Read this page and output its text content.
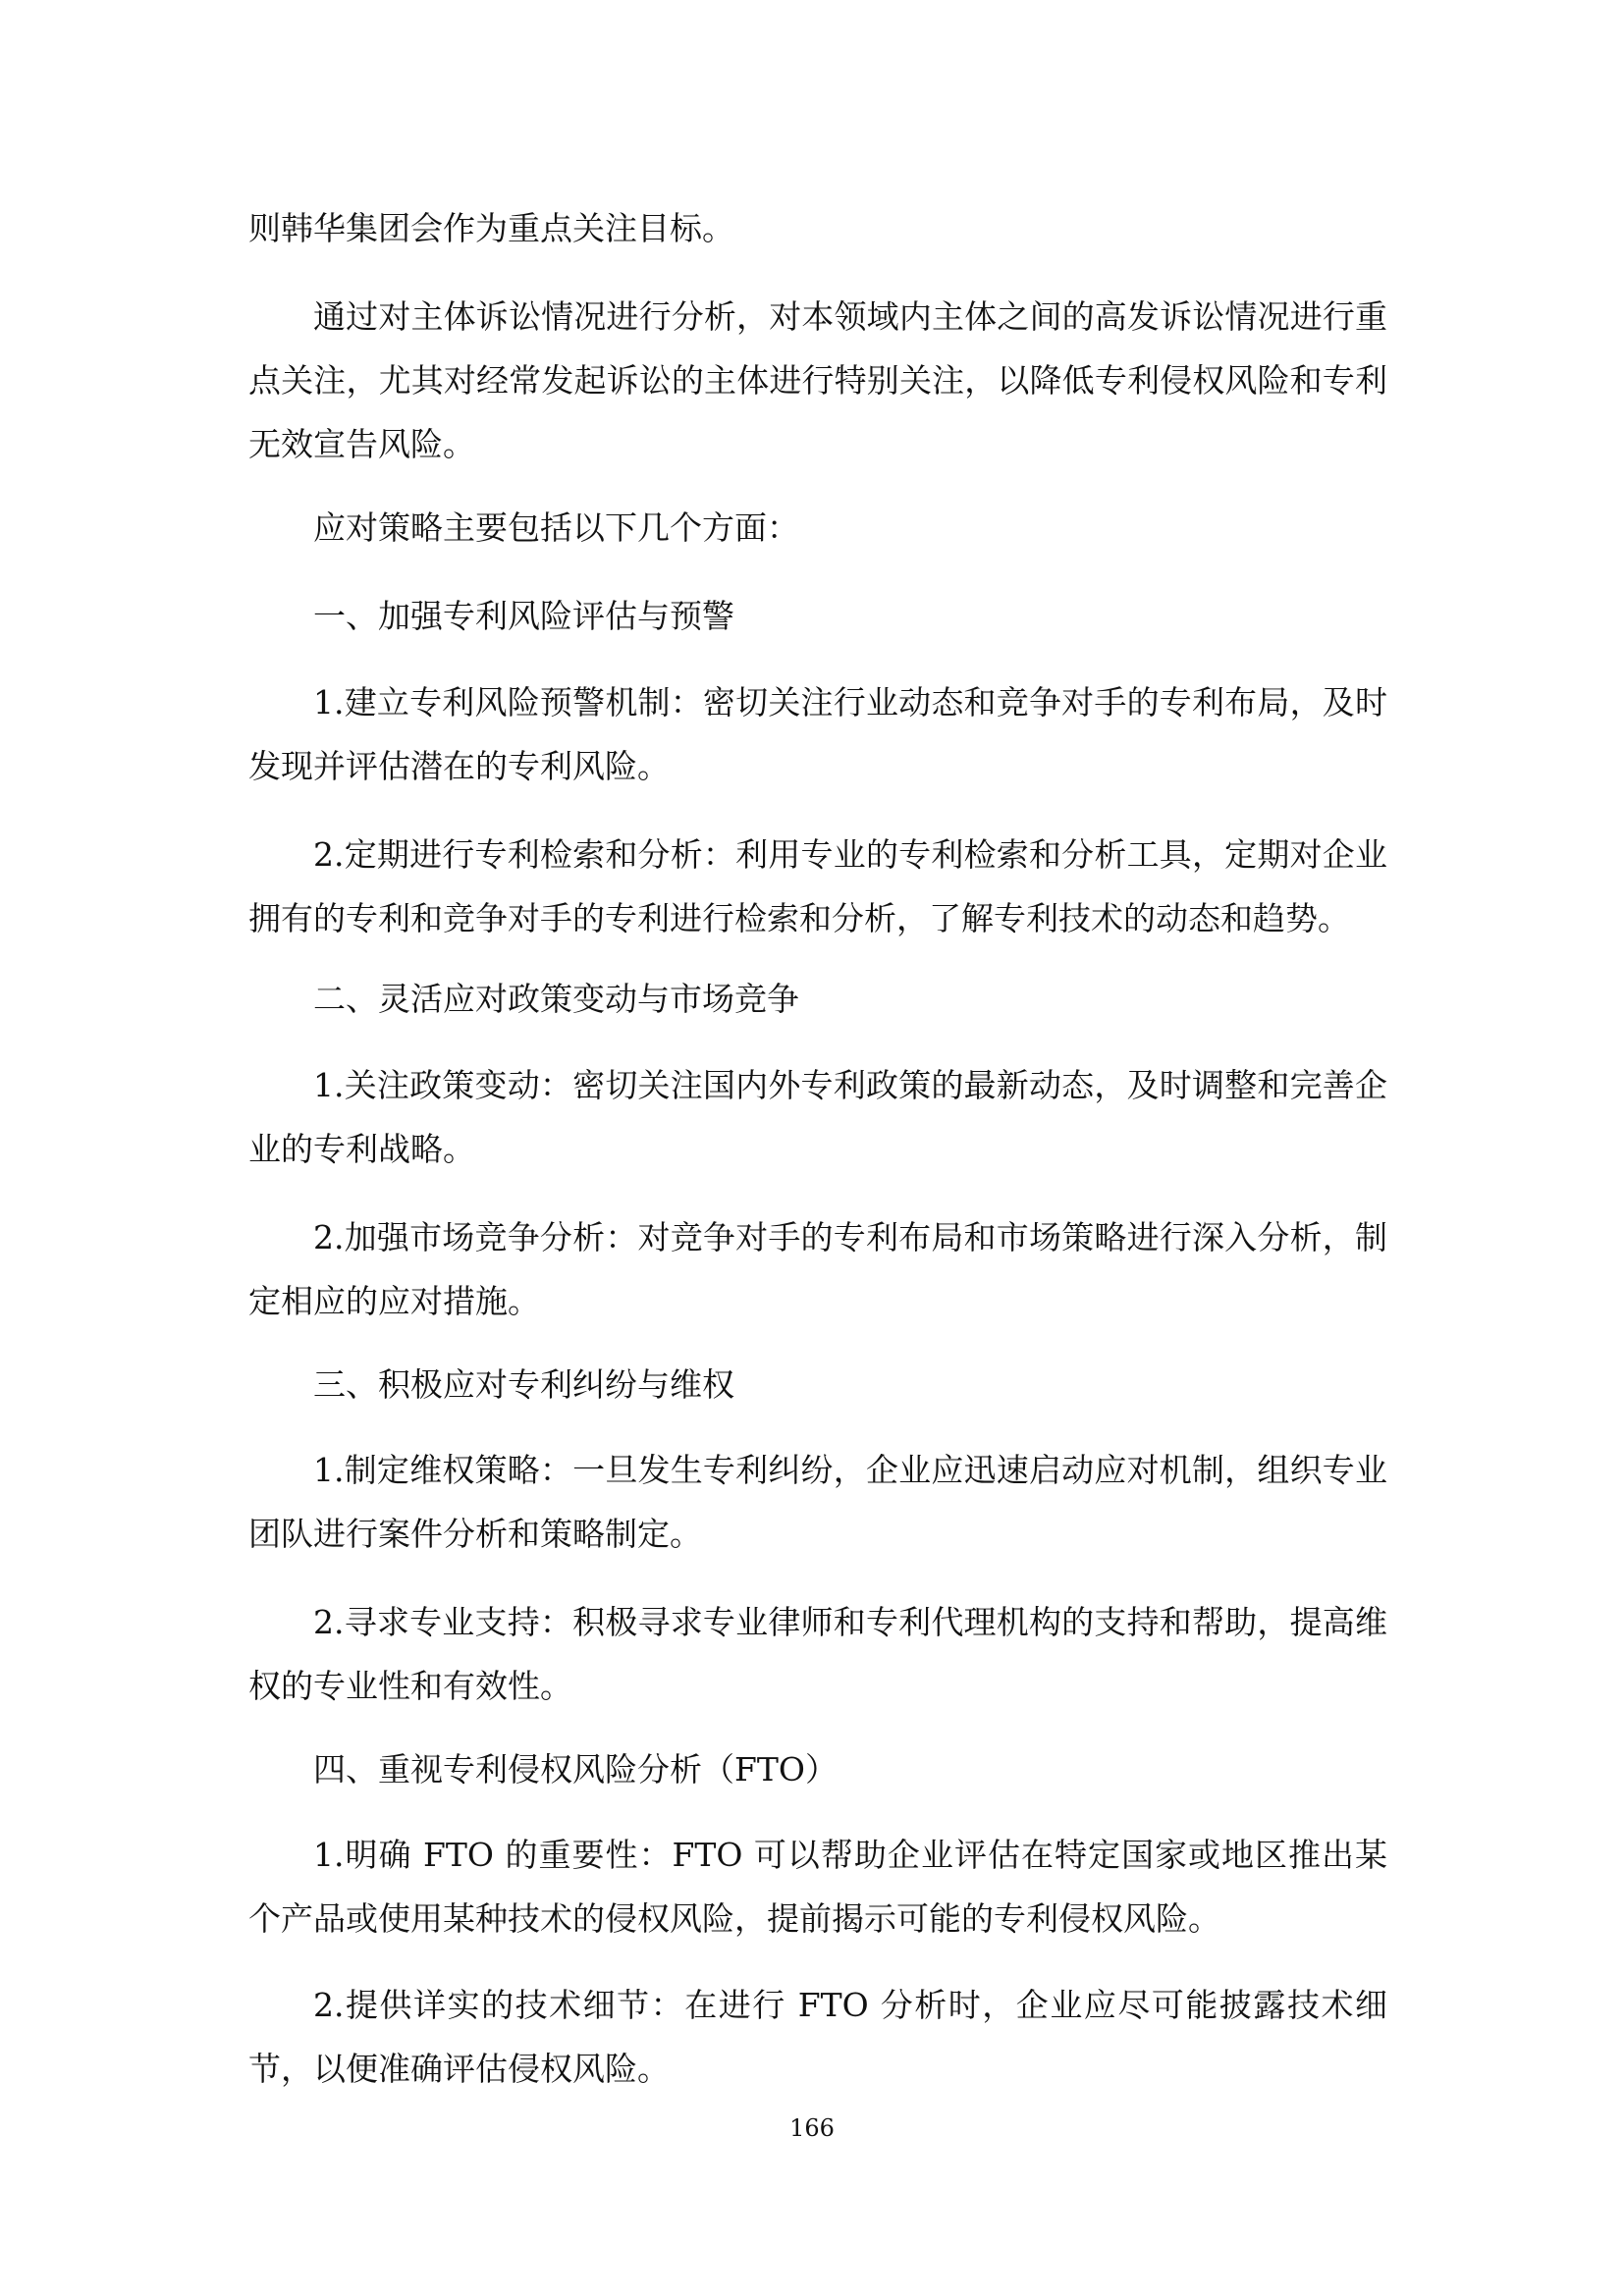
则韩华集团会作为重点关注目标。

通过对主体诉讼情况进行分析，对本领域内主体之间的高发诉讼情况进行重点关注，尤其对经常发起诉讼的主体进行特别关注，以降低专利侵权风险和专利无效宣告风险。

应对策略主要包括以下几个方面：

一、加强专利风险评估与预警

1.建立专利风险预警机制：密切关注行业动态和竞争对手的专利布局，及时发现并评估潜在的专利风险。

2.定期进行专利检索和分析：利用专业的专利检索和分析工具，定期对企业拥有的专利和竞争对手的专利进行检索和分析，了解专利技术的动态和趋势。

二、灵活应对政策变动与市场竞争

1.关注政策变动：密切关注国内外专利政策的最新动态，及时调整和完善企业的专利战略。

2.加强市场竞争分析：对竞争对手的专利布局和市场策略进行深入分析，制定相应的应对措施。

三、积极应对专利纠纷与维权

1.制定维权策略：一旦发生专利纠纷，企业应迅速启动应对机制，组织专业团队进行案件分析和策略制定。

2.寻求专业支持：积极寻求专业律师和专利代理机构的支持和帮助，提高维权的专业性和有效性。

四、重视专利侵权风险分析（FTO）

1.明确 FTO 的重要性：FTO 可以帮助企业评估在特定国家或地区推出某个产品或使用某种技术的侵权风险，提前揭示可能的专利侵权风险。

2.提供详实的技术细节：在进行 FTO 分析时，企业应尽可能披露技术细节，以便准确评估侵权风险。

166
